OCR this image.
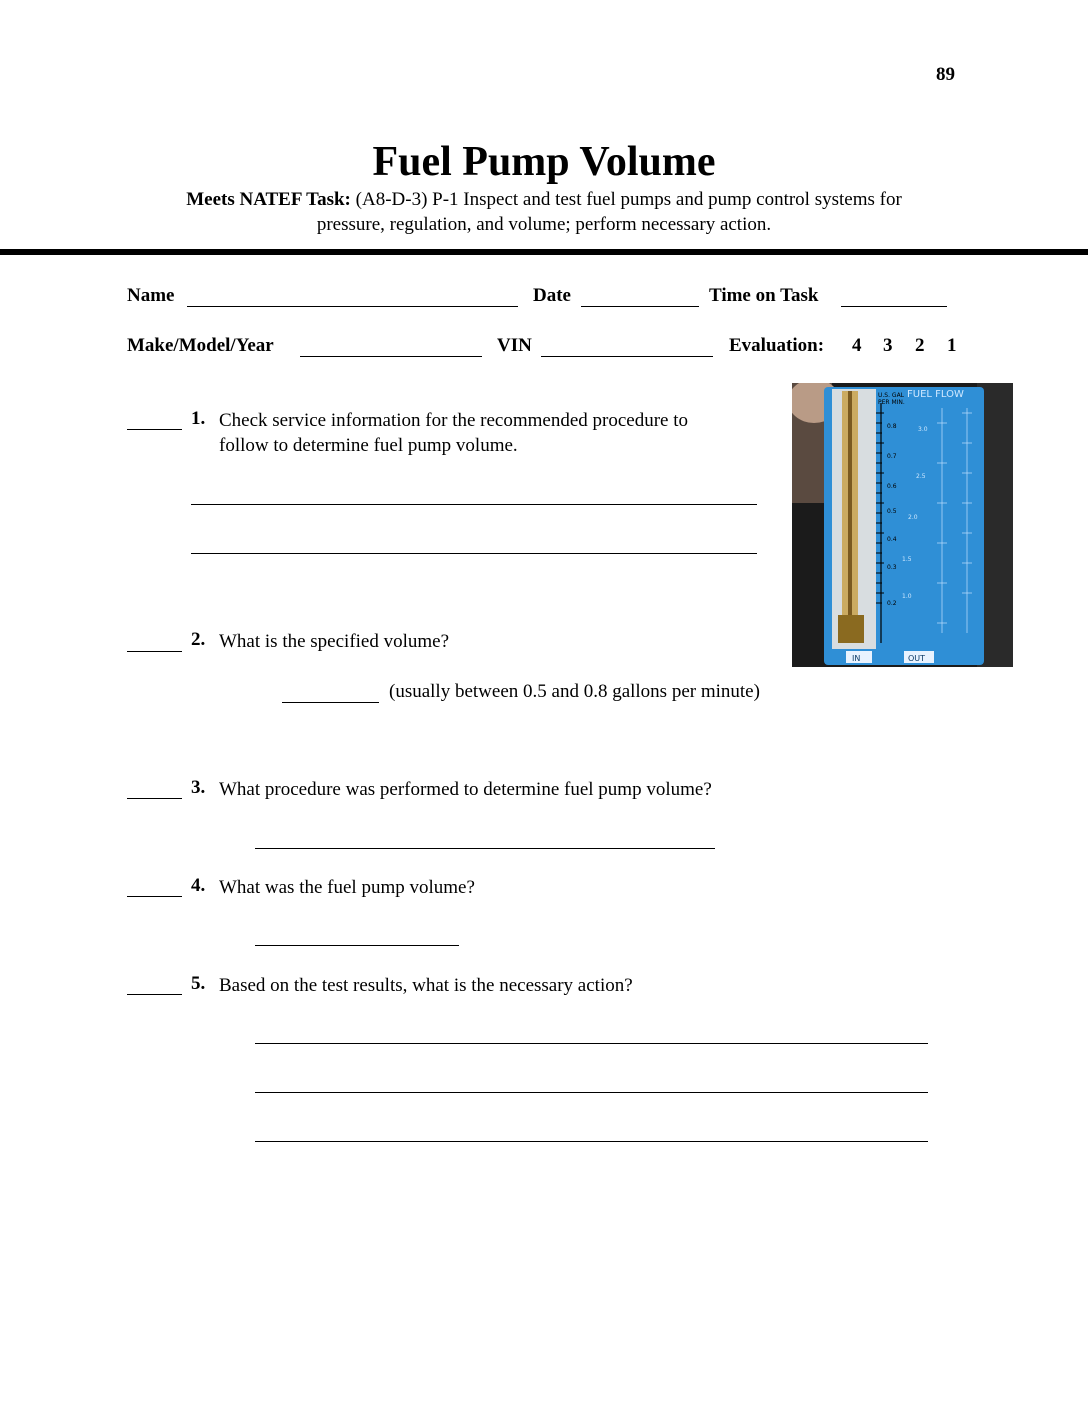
89
Fuel Pump Volume
Meets NATEF Task: (A8-D-3) P-1 Inspect and test fuel pumps and pump control systems for
pressure, regulation, and volume; perform necessary action.
Name	Date	Time on Task
Make/Model/Year	VIN	Evaluation: 4 3 2 1
FUEL FLOW
U.S. GAL
PER MIN.
0.8
0.7
0.6
0.5
0.4
0.3
0.2
3.0
2.5
2.0
1.5
1.0
IN	OUT
1. Check service information for the recommended procedure to
follow to determine fuel pump volume.
2. What is the specified volume?
(usually between 0.5 and 0.8 gallons per minute)
3. What procedure was performed to determine fuel pump volume?
4. What was the fuel pump volume?
5. Based on the test results, what is the necessary action?
